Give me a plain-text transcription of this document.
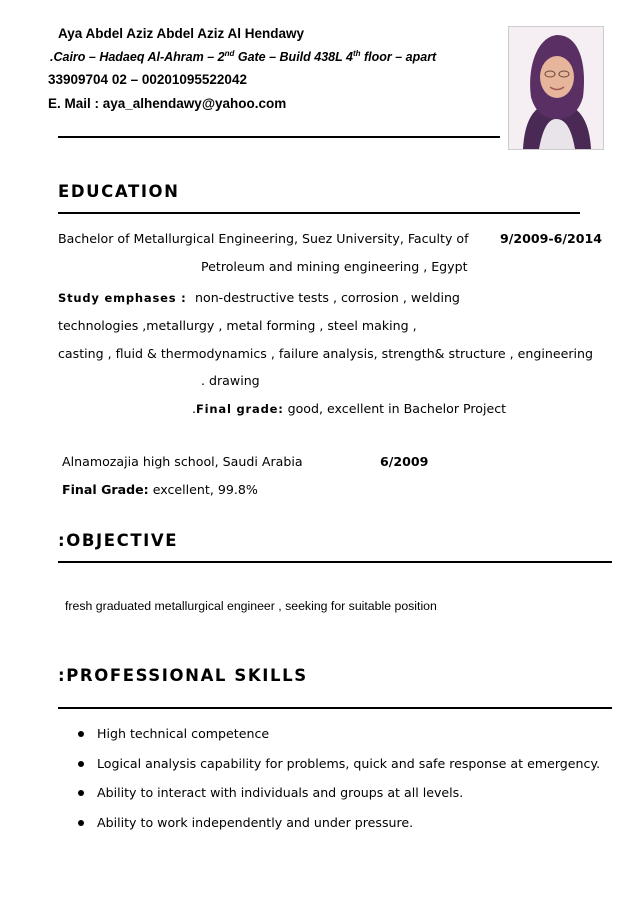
Aya Abdel Aziz Abdel Aziz Al Hendawy
.Cairo – Hadaeq Al-Ahram – 2nd Gate – Build 438L 4th floor – apart
33909704 02 – 00201095522042
E. Mail : aya_alhendawy@yahoo.com
EDUCATION
Bachelor of Metallurgical Engineering, Suez University, Faculty of 9/2009-6/2014
Petroleum and mining engineering , Egypt
Study emphases : non-destructive tests , corrosion , welding
technologies ,metallurgy , metal forming , steel making ,
casting , fluid & thermodynamics , failure analysis, strength& structure , engineering
. drawing
.Final grade: good, excellent in Bachelor Project
Alnamozajia high school, Saudi Arabia	6/2009
Final Grade: excellent, 99.8%
:OBJECTIVE
fresh graduated metallurgical engineer , seeking for suitable position
:PROFESSIONAL SKILLS
High technical competence
Logical analysis capability for problems, quick and safe response at emergency.
Ability to interact with individuals and groups at all levels.
Ability to work independently and under pressure.
